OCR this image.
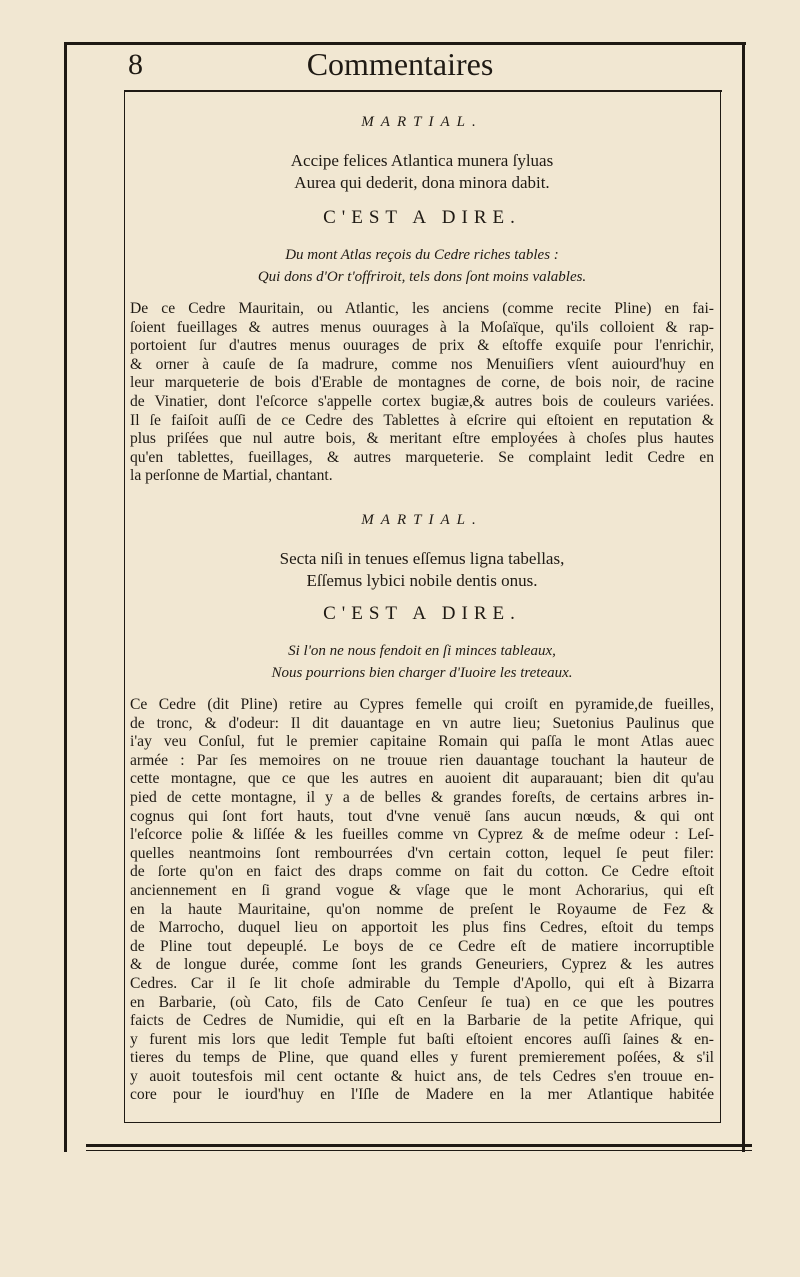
8	Commentaires
MARTIAL.
Accipe felices Atlantica munera ſyluas
Aurea qui dederit, dona minora dabit.
C'EST A DIRE.
Du mont Atlas reçois du Cedre riches tables :
Qui dons d'Or t'offriroit, tels dons ſont moins valables.
De ce Cedre Mauritain, ou Atlantic, les anciens (comme recite Pline) en fai-
ſoient fueillages & autres menus ouurages à la Moſaïque, qu'ils colloient & rap-
portoient ſur d'autres menus ouurages de prix & eſtoffe exquiſe pour l'enrichir,
& orner à cauſe de ſa madrure, comme nos Menuiſiers vſent auiourd'huy en
leur marqueterie de bois d'Erable de montagnes de corne, de bois noir, de racine
de Vinatier, dont l'eſcorce s'appelle cortex bugiæ,& autres bois de couleurs variées.
Il ſe faiſoit auſſi de ce Cedre des Tablettes à eſcrire qui eſtoient en reputation &
plus priſées que nul autre bois, & meritant eſtre employées à choſes plus hautes
qu'en tablettes, fueillages, & autres marqueterie. Se complaint ledit Cedre en
la perſonne de Martial, chantant.
MARTIAL.
Secta niſi in tenues eſſemus ligna tabellas,
Eſſemus lybici nobile dentis onus.
C'EST A DIRE.
Si l'on ne nous fendoit en ſi minces tableaux,
Nous pourrions bien charger d'Iuoire les treteaux.
Ce Cedre (dit Pline) retire au Cypres femelle qui croiſt en pyramide,de fueilles,
de tronc, & d'odeur: Il dit dauantage en vn autre lieu; Suetonius Paulinus que
i'ay veu Conſul, fut le premier capitaine Romain qui paſſa le mont Atlas auec
armée : Par ſes memoires on ne trouue rien dauantage touchant la hauteur de
cette montagne, que ce que les autres en auoient dit auparauant; bien dit qu'au
pied de cette montagne, il y a de belles & grandes foreſts, de certains arbres in-
cognus qui ſont fort hauts, tout d'vne venuë ſans aucun nœuds, & qui ont
l'eſcorce polie & liſſée & les fueilles comme vn Cyprez & de meſme odeur : Leſ-
quelles neantmoins ſont rembourrées d'vn certain cotton, lequel ſe peut filer:
de ſorte qu'on en faict des draps comme on fait du cotton. Ce Cedre eſtoit
anciennement en ſi grand vogue & vſage que le mont Achorarius, qui eſt
en la haute Mauritaine, qu'on nomme de preſent le Royaume de Fez &
de Marrocho, duquel lieu on apportoit les plus fins Cedres, eſtoit du temps
de Pline tout depeuplé. Le boys de ce Cedre eſt de matiere incorruptible
& de longue durée, comme ſont les grands Geneuriers, Cyprez & les autres
Cedres. Car il ſe lit choſe admirable du Temple d'Apollo, qui eſt à Bizarra
en Barbarie, (où Cato, fils de Cato Cenſeur ſe tua) en ce que les poutres
faicts de Cedres de Numidie, qui eſt en la Barbarie de la petite Afrique, qui
y furent mis lors que ledit Temple fut baſti eſtoient encores auſſi ſaines & en-
tieres du temps de Pline, que quand elles y furent premierement poſées, & s'il
y auoit toutesfois mil cent octante & huict ans, de tels Cedres s'en trouue en-
core pour le iourd'huy en l'Iſle de Madere en la mer Atlantique habitée
